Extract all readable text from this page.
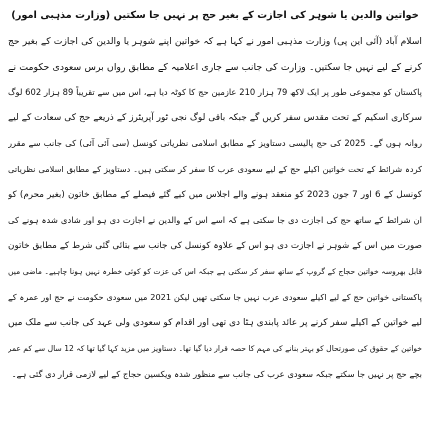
خواتین والدین یا شوہر کی اجازت کے بغیر حج پر نہیں جا سکتیں (وزارت مذہبی امور)
اسلام آباد (آئی این پی) وزارت مذہبی امور نے کہا ہے کہ خواتین اپنے شوہر یا والدین کی اجازت کے بغیر حج
کرنے کے لیے نہیں جا سکتیں۔ وزارت کی جانب سے جاری اعلامیہ کے مطابق رواں برس سعودی حکومت نے
پاکستان کو مجموعی طور پر ایک لاکھ 79 ہزار 210 عازمین حج کا کوٹہ دیا ہے، اس میں سے تقریباً 89 ہزار 602 لوگ
سرکاری اسکیم کے تحت مقدس سفر کریں گے جبکہ باقی لوگ نجی ٹور آپریٹرز کے ذریعے حج کی سعادت کے لیے
روانہ ہوں گے۔ 2025 کی حج پالیسی دستاویز کے مطابق اسلامی نظریاتی کونسل (سی آئی آئی) کی جانب سے مقرر
کردہ شرائط کے تحت خواتین اکیلے حج کے لیے سعودی عرب کا سفر کر سکتی ہیں۔ دستاویز کے مطابق اسلامی نظریاتی
کونسل کے 6 اور 7 جون 2023 کو منعقد ہونے والے اجلاس میں کیے گئے فیصلے کے مطابق خاتون (بغیر محرم) کو
ان شرائط کے ساتھ حج کی اجازت دی جا سکتی ہے کہ اسے اس کے والدین نے اجازت دی ہو اور شادی شدہ ہونے کی
صورت میں اس کے شوہر نے اجازت دی ہو اس کے علاوہ کونسل کی جانب سے بتائی گئی شرط کے مطابق خاتون
قابل بھروسہ خواتین حجاج کے گروپ کے ساتھ سفر کر سکتی ہے جبکہ اس کی عزت کو کوئی خطرہ نہیں ہونا چاہیے۔ ماضی میں
پاکستانی خواتین حج کے لیے اکیلے سعودی عرب نہیں جا سکتی تھیں لیکن 2021 میں سعودی حکومت نے حج اور عمرہ کے
لیے خواتین کے اکیلے سفر کرنے پر عائد پابندی ہٹا دی تھی اور اقدام کو سعودی ولی عہد کی جانب سے ملک میں
خواتین کے حقوق کی صورتحال کو بہتر بنانے کی مہم کا حصہ قرار دیا گیا تھا۔ دستاویز میں مزید کہا گیا تھا کہ 12 سال سے کم عمر
بچے حج پر نہیں جا سکتے جبکہ سعودی عرب کی جانب سے منظور شدہ ویکسین حجاج کے لیے لازمی قرار دی گئی ہے۔
